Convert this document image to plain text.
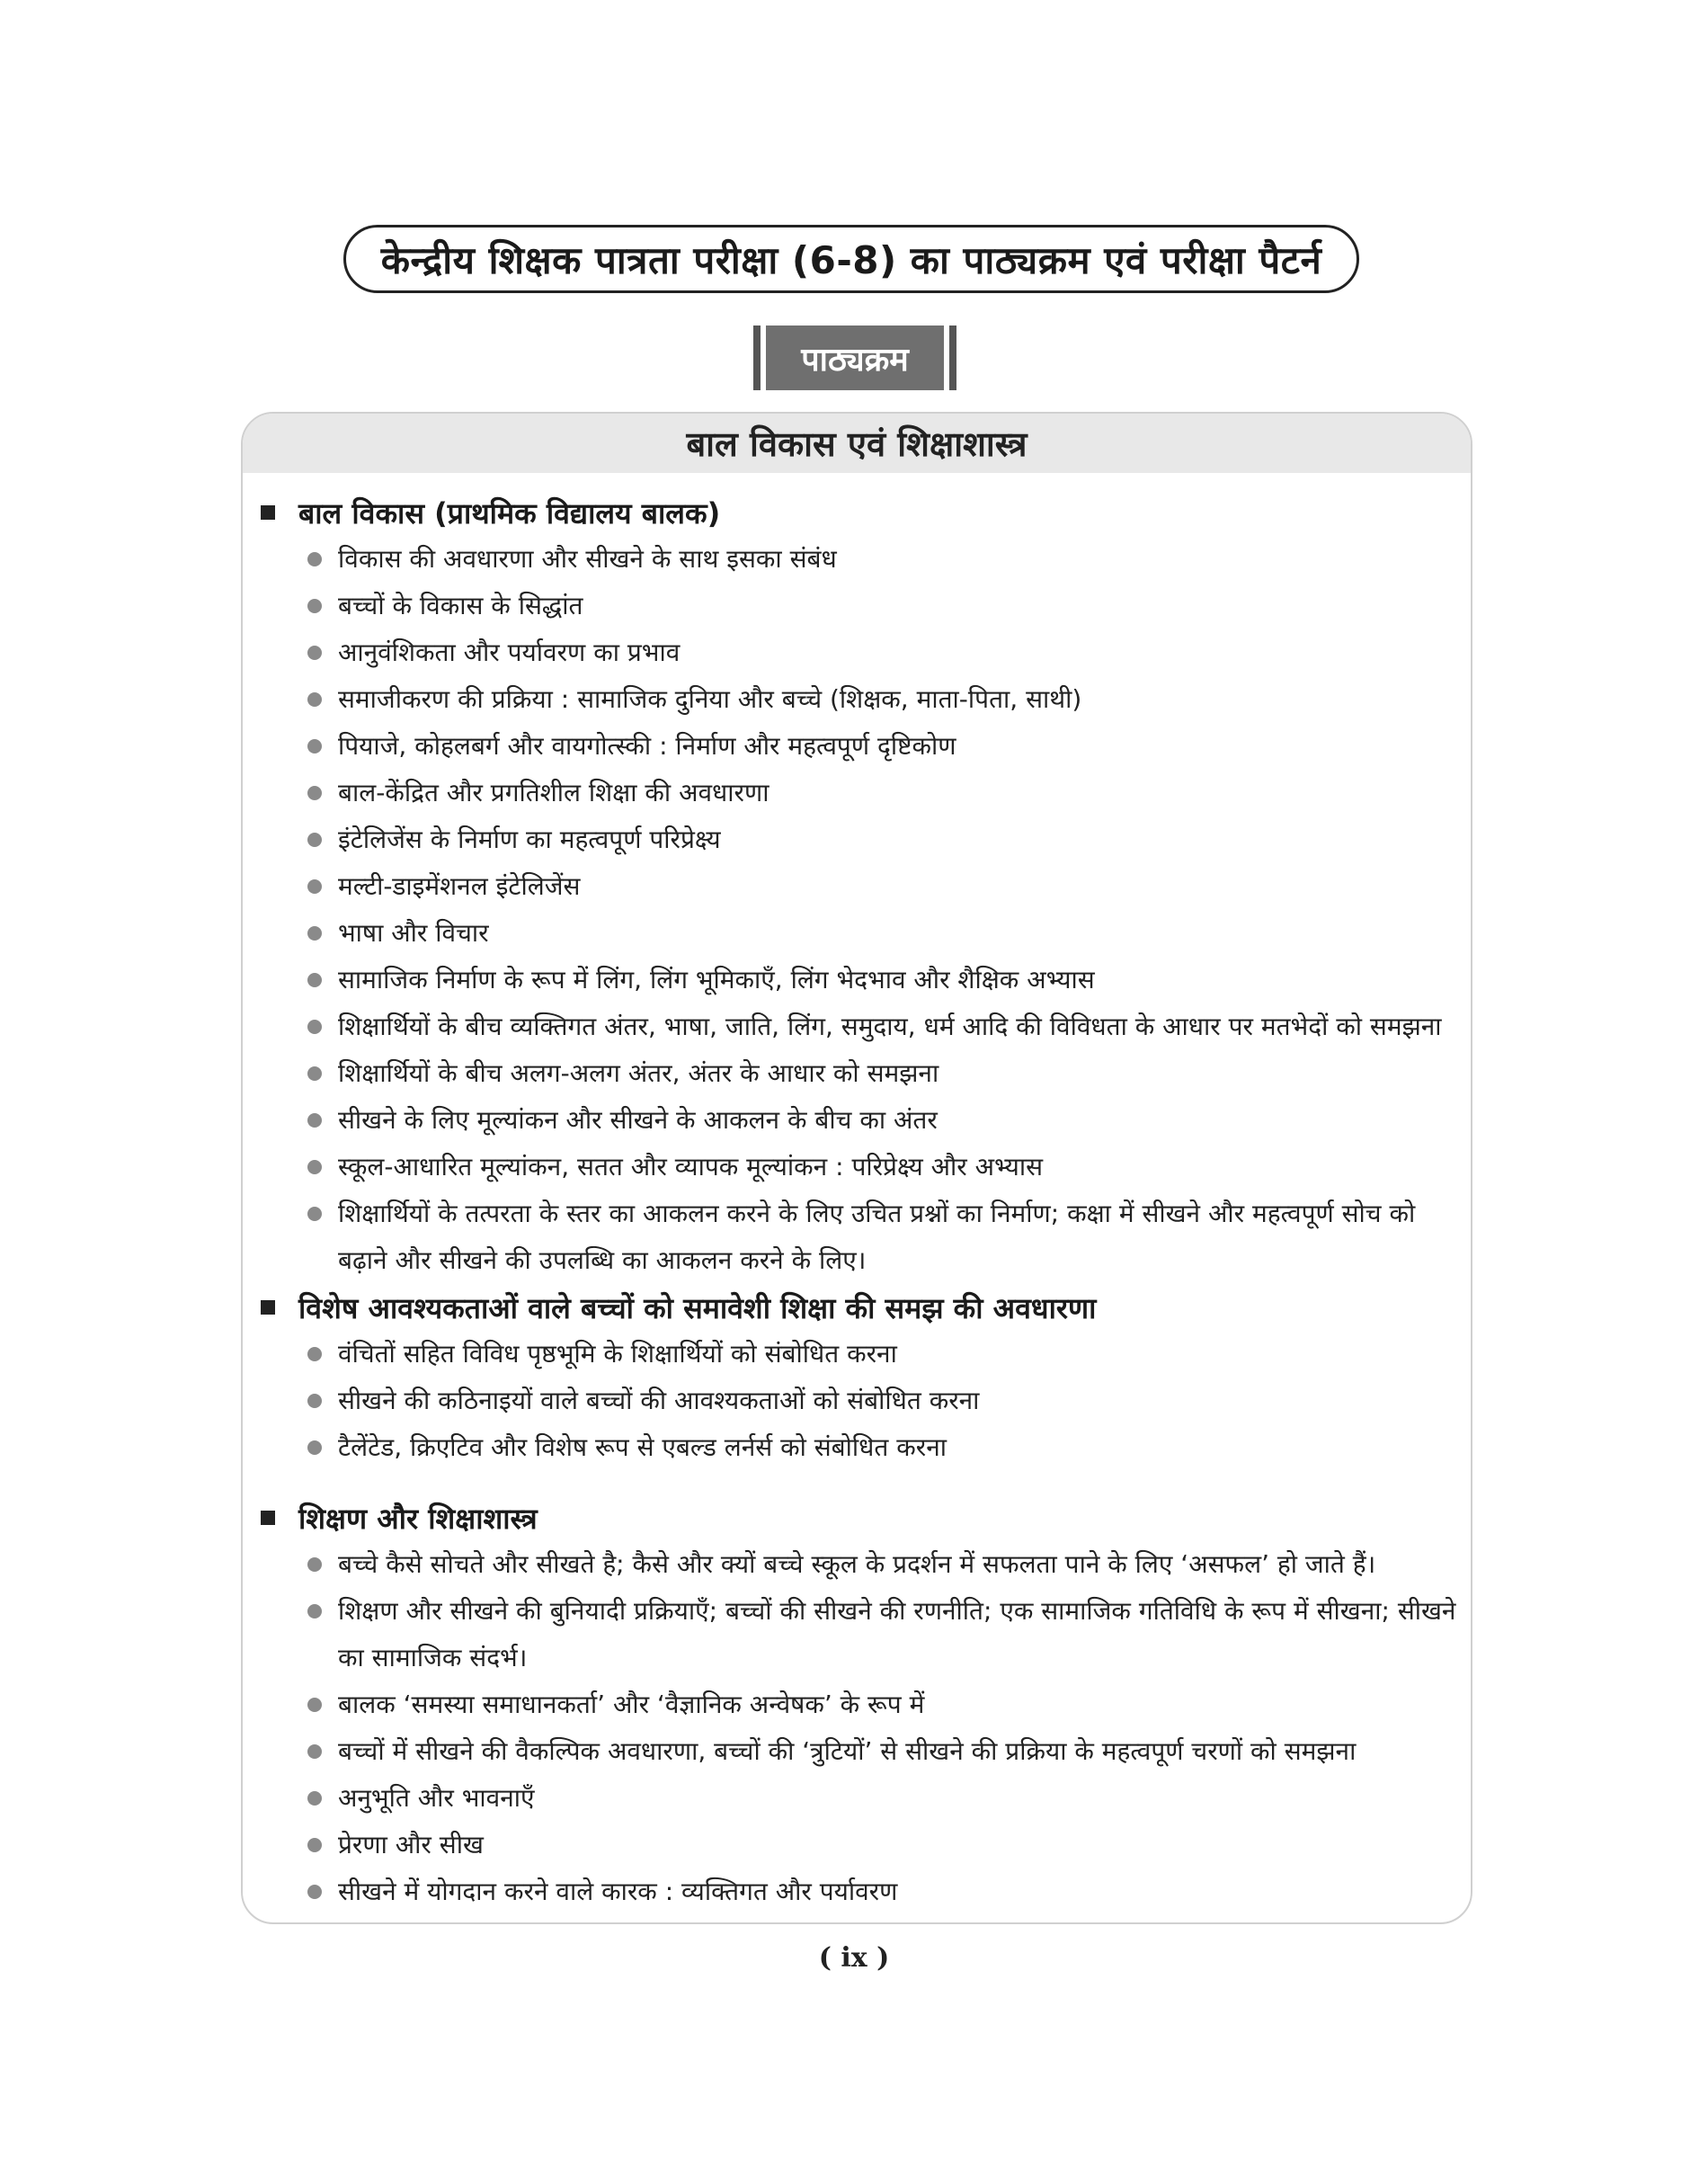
केन्द्रीय शिक्षक पात्रता परीक्षा (6-8) का पाठ्यक्रम एवं परीक्षा पैटर्न
पाठ्यक्रम
बाल विकास एवं शिक्षाशास्त्र
बाल विकास (प्राथमिक विद्यालय बालक)
विकास की अवधारणा और सीखने के साथ इसका संबंध
बच्चों के विकास के सिद्धांत
आनुवंशिकता और पर्यावरण का प्रभाव
समाजीकरण की प्रक्रिया : सामाजिक दुनिया और बच्चे (शिक्षक, माता-पिता, साथी)
पियाजे, कोहलबर्ग और वायगोत्स्की : निर्माण और महत्वपूर्ण दृष्टिकोण
बाल-केंद्रित और प्रगतिशील शिक्षा की अवधारणा
इंटेलिजेंस के निर्माण का महत्वपूर्ण परिप्रेक्ष्य
मल्टी-डाइमेंशनल इंटेलिजेंस
भाषा और विचार
सामाजिक निर्माण के रूप में लिंग, लिंग भूमिकाएँ, लिंग भेदभाव और शैक्षिक अभ्यास
शिक्षार्थियों के बीच व्यक्तिगत अंतर, भाषा, जाति, लिंग, समुदाय, धर्म आदि की विविधता के आधार पर मतभेदों को समझना
शिक्षार्थियों के बीच अलग-अलग अंतर, अंतर के आधार को समझना
सीखने के लिए मूल्यांकन और सीखने के आकलन के बीच का अंतर
स्कूल-आधारित मूल्यांकन, सतत और व्यापक मूल्यांकन : परिप्रेक्ष्य और अभ्यास
शिक्षार्थियों के तत्परता के स्तर का आकलन करने के लिए उचित प्रश्नों का निर्माण; कक्षा में सीखने और महत्वपूर्ण सोच को बढ़ाने और सीखने की उपलब्धि का आकलन करने के लिए।
विशेष आवश्यकताओं वाले बच्चों को समावेशी शिक्षा की समझ की अवधारणा
वंचितों सहित विविध पृष्ठभूमि के शिक्षार्थियों को संबोधित करना
सीखने की कठिनाइयों वाले बच्चों की आवश्यकताओं को संबोधित करना
टैलेंटेड, क्रिएटिव और विशेष रूप से एबल्ड लर्नर्स को संबोधित करना
शिक्षण और शिक्षाशास्त्र
बच्चे कैसे सोचते और सीखते है; कैसे और क्यों बच्चे स्कूल के प्रदर्शन में सफलता पाने के लिए ‘असफल’ हो जाते हैं।
शिक्षण और सीखने की बुनियादी प्रक्रियाएँ; बच्चों की सीखने की रणनीति; एक सामाजिक गतिविधि के रूप में सीखना; सीखने का सामाजिक संदर्भ।
बालक ‘समस्या समाधानकर्ता’ और ‘वैज्ञानिक अन्वेषक’ के रूप में
बच्चों में सीखने की वैकल्पिक अवधारणा, बच्चों की ‘त्रुटियों’ से सीखने की प्रक्रिया के महत्वपूर्ण चरणों को समझना
अनुभूति और भावनाएँ
प्रेरणा और सीख
सीखने में योगदान करने वाले कारक : व्यक्तिगत और पर्यावरण
( ix )
